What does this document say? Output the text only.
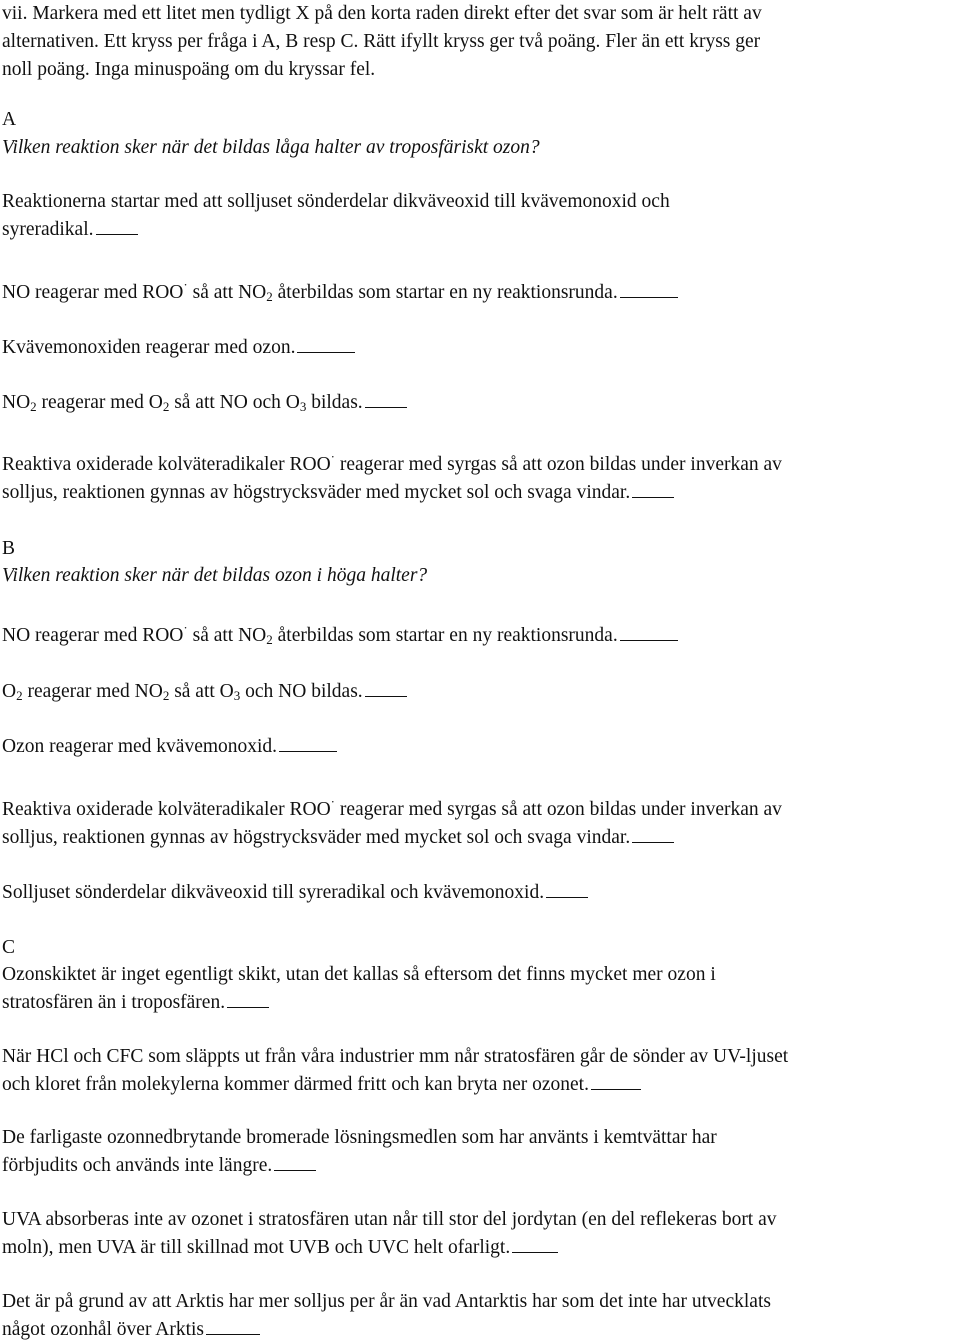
vii. Markera med ett litet men tydligt X på den korta raden direkt efter det svar som är helt rätt av
alternativen. Ett kryss per fråga i A, B resp C. Rätt ifyllt kryss ger två poäng. Fler än ett kryss ger
noll poäng. Inga minuspoäng om du kryssar fel.
A
Vilken reaktion sker när det bildas låga halter av troposfäriskt ozon?
Reaktionerna startar med att solljuset sönderdelar dikväveoxid till kvävemonoxid och
syreradikal.
NO reagerar med ROO· så att $NO_2$ återbildas som startar en ny reaktionsrunda.
Kvävemonoxiden reagerar med ozon.
$NO_2$ reagerar med $O_2$ så att NO och $O_3$ bildas.
Reaktiva oxiderade kolväteradikaler ROO· reagerar med syrgas så att ozon bildas under inverkan av
solljus, reaktionen gynnas av högstrycksväder med mycket sol och svaga vindar.
B
Vilken reaktion sker när det bildas ozon i höga halter?
NO reagerar med ROO· så att $NO_2$ återbildas som startar en ny reaktionsrunda.
$O_2$ reagerar med $NO_2$ så att $O_3$ och NO bildas.
Ozon reagerar med kvävemonoxid.
Reaktiva oxiderade kolväteradikaler ROO· reagerar med syrgas så att ozon bildas under inverkan av
solljus, reaktionen gynnas av högstrycksväder med mycket sol och svaga vindar.
Solljuset sönderdelar dikväveoxid till syreradikal och kvävemonoxid.
C
Ozonskiktet är inget egentligt skikt, utan det kallas så eftersom det finns mycket mer ozon i
stratosfären än i troposfären.
När HCl och CFC som släppts ut från våra industrier mm når stratosfären går de sönder av UV-ljuset
och kloret från molekylerna kommer därmed fritt och kan bryta ner ozonet.
De farligaste ozonnedbrytande bromerade lösningsmedlen som har använts i kemtvättar har
förbjudits och används inte längre.
UVA absorberas inte av ozonet i stratosfären utan når till stor del jordytan (en del reflekeras bort av
moln), men UVA är till skillnad mot UVB och UVC helt ofarligt.
Det är på grund av att Arktis har mer solljus per år än vad Antarktis har som det inte har utvecklats
något ozonhål över Arktis
